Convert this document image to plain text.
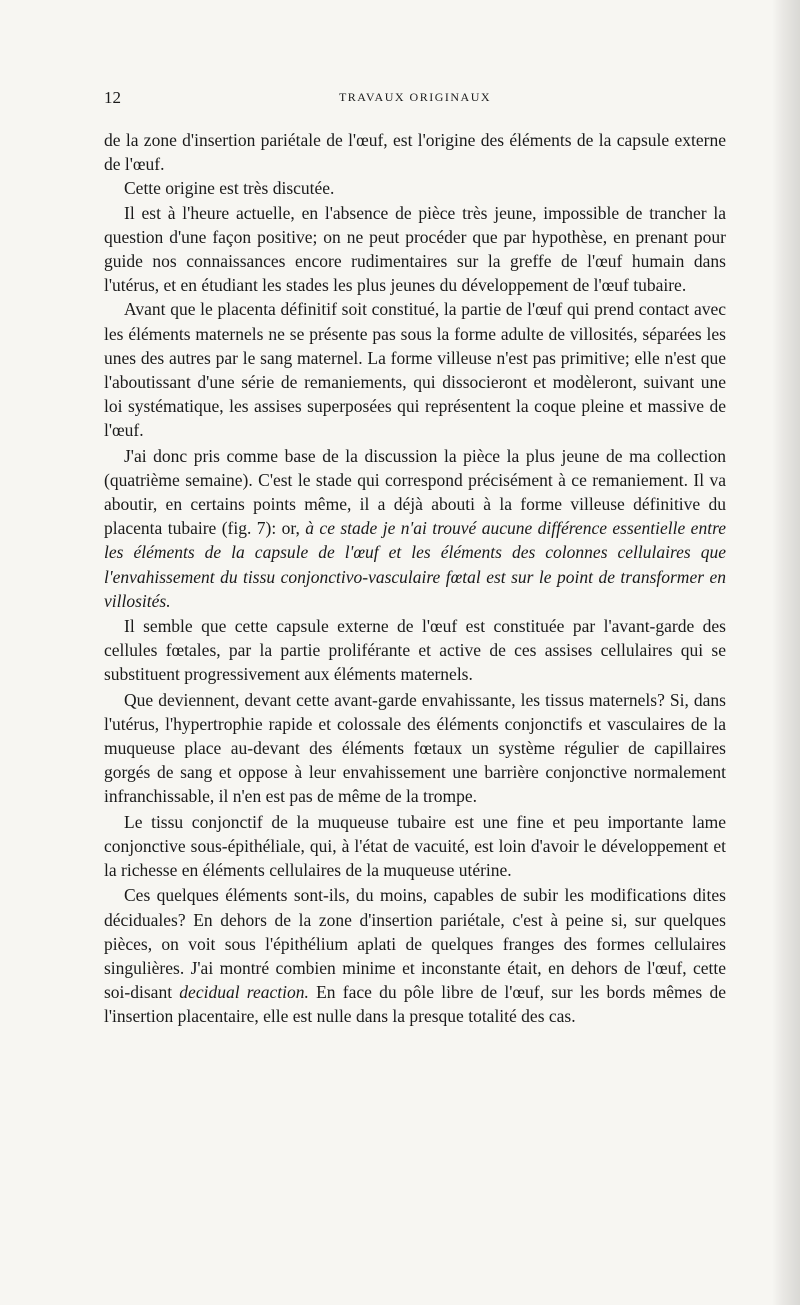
12	TRAVAUX ORIGINAUX

de la zone d'insertion pariétale de l'œuf, est l'origine des éléments de la capsule externe de l'œuf.

Cette origine est très discutée.

Il est à l'heure actuelle, en l'absence de pièce très jeune, impossible de trancher la question d'une façon positive; on ne peut procéder que par hypothèse, en prenant pour guide nos connaissances encore rudimentaires sur la greffe de l'œuf humain dans l'utérus, et en étudiant les stades les plus jeunes du développement de l'œuf tubaire.

Avant que le placenta définitif soit constitué, la partie de l'œuf qui prend contact avec les éléments maternels ne se présente pas sous la forme adulte de villosités, séparées les unes des autres par le sang maternel. La forme villeuse n'est pas primitive; elle n'est que l'aboutissant d'une série de remaniements, qui dissocieront et modèleront, suivant une loi systématique, les assises superposées qui représentent la coque pleine et massive de l'œuf.

J'ai donc pris comme base de la discussion la pièce la plus jeune de ma collection (quatrième semaine). C'est le stade qui correspond précisément à ce remaniement. Il va aboutir, en certains points même, il a déjà abouti à la forme villeuse définitive du placenta tubaire (fig. 7): or, à ce stade je n'ai trouvé aucune différence essentielle entre les éléments de la capsule de l'œuf et les éléments des colonnes cellulaires que l'envahissement du tissu conjonctivo-vasculaire fœtal est sur le point de transformer en villosités.

Il semble que cette capsule externe de l'œuf est constituée par l'avant-garde des cellules fœtales, par la partie proliférante et active de ces assises cellulaires qui se substituent progressivement aux éléments maternels.

Que deviennent, devant cette avant-garde envahissante, les tissus maternels? Si, dans l'utérus, l'hypertrophie rapide et colossale des éléments conjonctifs et vasculaires de la muqueuse place au-devant des éléments fœtaux un système régulier de capillaires gorgés de sang et oppose à leur envahissement une barrière conjonctive normalement infranchissable, il n'en est pas de même de la trompe.

Le tissu conjonctif de la muqueuse tubaire est une fine et peu importante lame conjonctive sous-épithéliale, qui, à l'état de vacuité, est loin d'avoir le développement et la richesse en éléments cellulaires de la muqueuse utérine.

Ces quelques éléments sont-ils, du moins, capables de subir les modifications dites déciduales? En dehors de la zone d'insertion pariétale, c'est à peine si, sur quelques pièces, on voit sous l'épithélium aplati de quelques franges des formes cellulaires singulières. J'ai montré combien minime et inconstante était, en dehors de l'œuf, cette soi-disant decidual reaction. En face du pôle libre de l'œuf, sur les bords mêmes de l'insertion placentaire, elle est nulle dans la presque totalité des cas.
